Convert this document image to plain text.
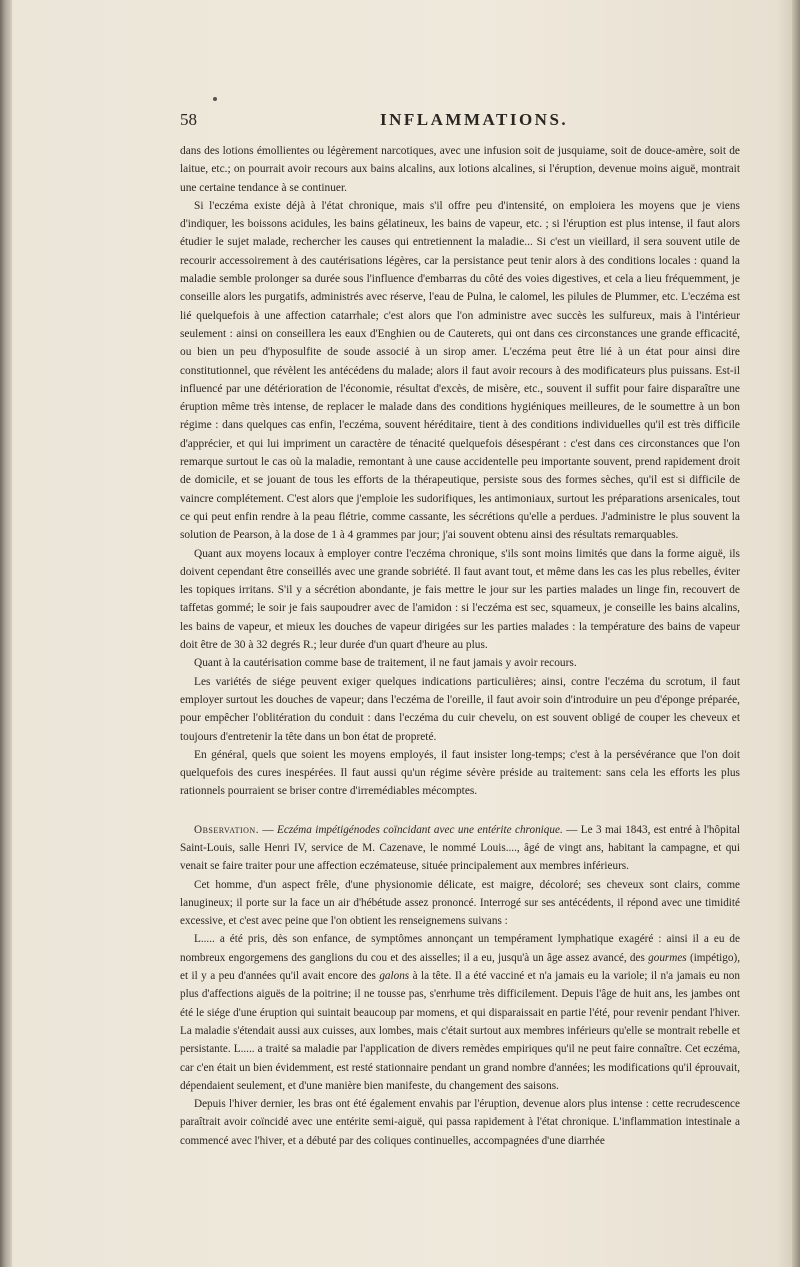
58	INFLAMMATIONS.

dans des lotions émollientes ou légèrement narcotiques, avec une infusion soit de jusquiame, soit de douce-amère, soit de laitue, etc.; on pourrait avoir recours aux bains alcalins, aux lotions alcalines, si l'éruption, devenue moins aiguë, montrait une certaine tendance à se continuer.

Si l'eczéma existe déjà à l'état chronique, mais s'il offre peu d'intensité, on emploiera les moyens que je viens d'indiquer, les boissons acidules, les bains gélatineux, les bains de vapeur, etc. ; si l'éruption est plus intense, il faut alors étudier le sujet malade, rechercher les causes qui entretiennent la maladie... Si c'est un vieillard, il sera souvent utile de recourir accessoirement à des cautérisations légères, car la persistance peut tenir alors à des conditions locales : quand la maladie semble prolonger sa durée sous l'influence d'embarras du côté des voies digestives, et cela a lieu fréquemment, je conseille alors les purgatifs, administrés avec réserve, l'eau de Pulna, le calomel, les pilules de Plummer, etc. L'eczéma est lié quelquefois à une affection catarrhale; c'est alors que l'on administre avec succès les sulfureux, mais à l'intérieur seulement : ainsi on conseillera les eaux d'Enghien ou de Cauterets, qui ont dans ces circonstances une grande efficacité, ou bien un peu d'hyposulfite de soude associé à un sirop amer. L'eczéma peut être lié à un état pour ainsi dire constitutionnel, que révèlent les antécédens du malade; alors il faut avoir recours à des modificateurs plus puissans. Est-il influencé par une détérioration de l'économie, résultat d'excès, de misère, etc., souvent il suffit pour faire disparaître une éruption même très intense, de replacer le malade dans des conditions hygiéniques meilleures, de le soumettre à un bon régime : dans quelques cas enfin, l'eczéma, souvent héréditaire, tient à des conditions individuelles qu'il est très difficile d'apprécier, et qui lui impriment un caractère de ténacité quelquefois désespérant : c'est dans ces circonstances que l'on remarque surtout le cas où la maladie, remontant à une cause accidentelle peu importante souvent, prend rapidement droit de domicile, et se jouant de tous les efforts de la thérapeutique, persiste sous des formes sèches, qu'il est si difficile de vaincre complétement. C'est alors que j'emploie les sudorifiques, les antimoniaux, surtout les préparations arsenicales, tout ce qui peut enfin rendre à la peau flétrie, comme cassante, les sécrétions qu'elle a perdues. J'administre le plus souvent la solution de Pearson, à la dose de 1 à 4 grammes par jour; j'ai souvent obtenu ainsi des résultats remarquables.

Quant aux moyens locaux à employer contre l'eczéma chronique, s'ils sont moins limités que dans la forme aiguë, ils doivent cependant être conseillés avec une grande sobriété. Il faut avant tout, et même dans les cas les plus rebelles, éviter les topiques irritans. S'il y a sécrétion abondante, je fais mettre le jour sur les parties malades un linge fin, recouvert de taffetas gommé; le soir je fais saupoudrer avec de l'amidon : si l'eczéma est sec, squameux, je conseille les bains alcalins, les bains de vapeur, et mieux les douches de vapeur dirigées sur les parties malades : la température des bains de vapeur doit être de 30 à 32 degrés R.; leur durée d'un quart d'heure au plus.

Quant à la cautérisation comme base de traitement, il ne faut jamais y avoir recours.

Les variétés de siége peuvent exiger quelques indications particulières; ainsi, contre l'eczéma du scrotum, il faut employer surtout les douches de vapeur; dans l'eczéma de l'oreille, il faut avoir soin d'introduire un peu d'éponge préparée, pour empêcher l'oblitération du conduit : dans l'eczéma du cuir chevelu, on est souvent obligé de couper les cheveux et toujours d'entretenir la tête dans un bon état de propreté.

En général, quels que soient les moyens employés, il faut insister long-temps; c'est à la persévérance que l'on doit quelquefois des cures inespérées. Il faut aussi qu'un régime sévère préside au traitement: sans cela les efforts les plus rationnels pourraient se briser contre d'irremédiables mécomptes.

Observation. — Eczéma impétigénodes coïncidant avec une entérite chronique. — Le 3 mai 1843, est entré à l'hôpital Saint-Louis, salle Henri IV, service de M. Cazenave, le nommé Louis...., âgé de vingt ans, habitant la campagne, et qui venait se faire traiter pour une affection eczémateuse, située principalement aux membres inférieurs.

Cet homme, d'un aspect frêle, d'une physionomie délicate, est maigre, décoloré; ses cheveux sont clairs, comme lanugineux; il porte sur la face un air d'hébétude assez prononcé. Interrogé sur ses antécédents, il répond avec une timidité excessive, et c'est avec peine que l'on obtient les renseignemens suivans :

L..... a été pris, dès son enfance, de symptômes annonçant un tempérament lymphatique exagéré : ainsi il a eu de nombreux engorgemens des ganglions du cou et des aisselles; il a eu, jusqu'à un âge assez avancé, des gourmes (impétigo), et il y a peu d'années qu'il avait encore des galons à la tête. Il a été vacciné et n'a jamais eu la variole; il n'a jamais eu non plus d'affections aiguës de la poitrine; il ne tousse pas, s'enrhume très difficilement. Depuis l'âge de huit ans, les jambes ont été le siége d'une éruption qui suintait beaucoup par momens, et qui disparaissait en partie l'été, pour revenir pendant l'hiver. La maladie s'étendait aussi aux cuisses, aux lombes, mais c'était surtout aux membres inférieurs qu'elle se montrait rebelle et persistante. L..... a traité sa maladie par l'application de divers remèdes empiriques qu'il ne peut faire connaître. Cet eczéma, car c'en était un bien évidemment, est resté stationnaire pendant un grand nombre d'années; les modifications qu'il éprouvait, dépendaient seulement, et d'une manière bien manifeste, du changement des saisons.

Depuis l'hiver dernier, les bras ont été également envahis par l'éruption, devenue alors plus intense : cette recrudescence paraîtrait avoir coïncidé avec une entérite semi-aiguë, qui passa rapidement à l'état chronique. L'inflammation intestinale a commencé avec l'hiver, et a débuté par des coliques continuelles, accompagnées d'une diarrhée
